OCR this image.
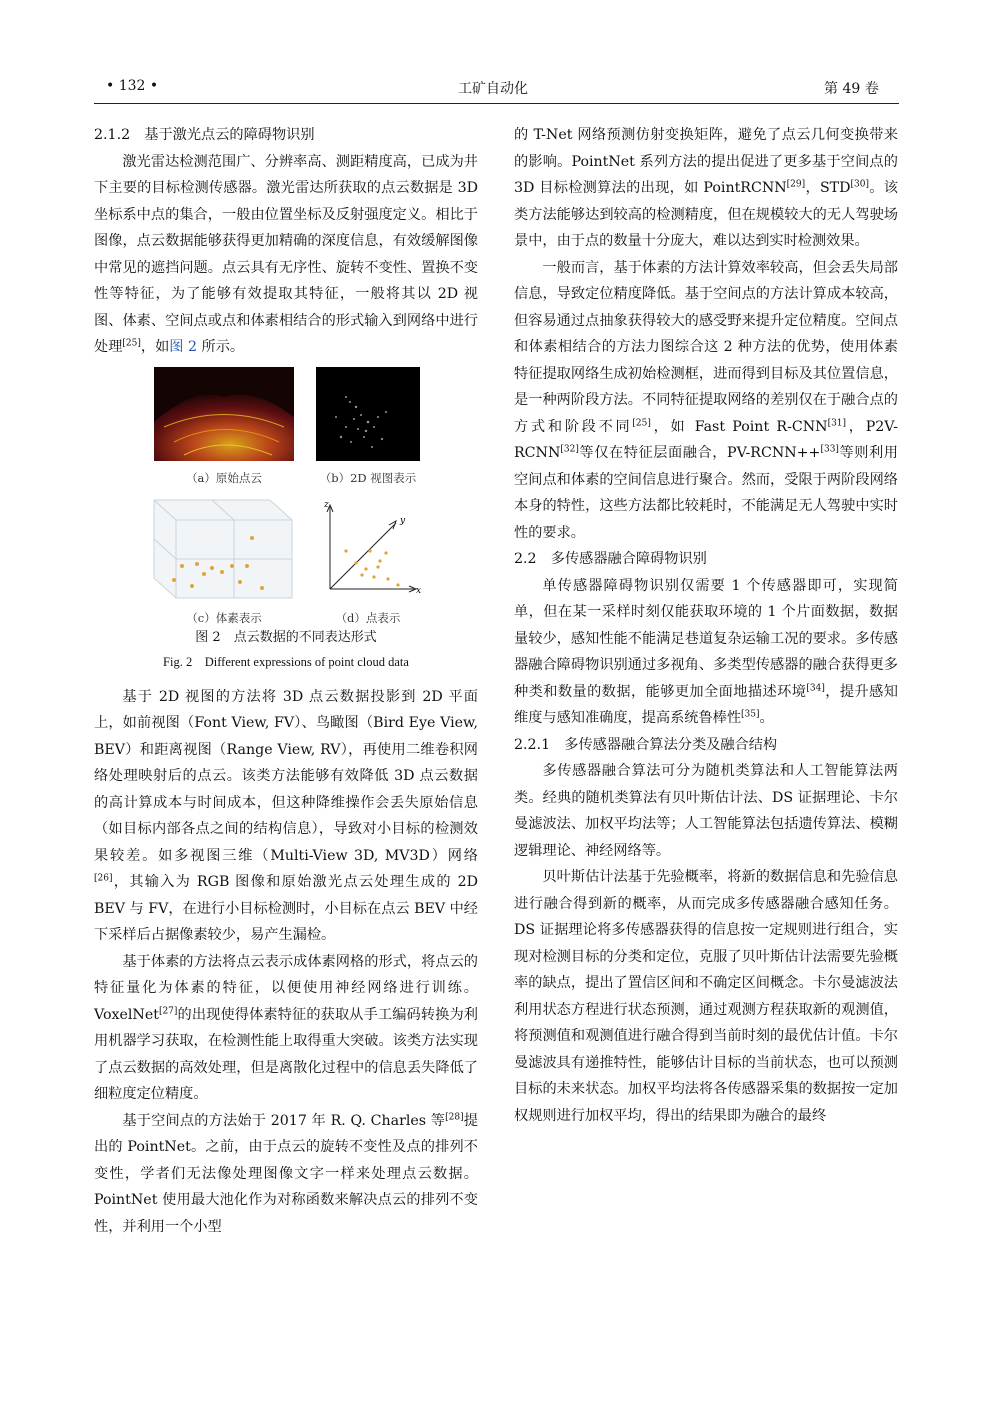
• 132 •	工矿自动化	第 49 卷

2.1.2　基于激光点云的障碍物识别

激光雷达检测范围广、分辨率高、测距精度高，已成为井下主要的目标检测传感器。激光雷达所获取的点云数据是 3D 坐标系中点的集合，一般由位置坐标及反射强度定义。相比于图像，点云数据能够获得更加精确的深度信息，有效缓解图像中常见的遮挡问题。点云具有无序性、旋转不变性、置换不变性等特征，为了能够有效提取其特征，一般将其以 2D 视图、体素、空间点或点和体素相结合的形式输入到网络中进行处理[25]，如图 2 所示。

（a）原始点云	（b）2D 视图表示
z
y
x
（c）体素表示	（d）点表示
图 2　点云数据的不同表达形式
Fig. 2　Different expressions of point cloud data

基于 2D 视图的方法将 3D 点云数据投影到 2D 平面上，如前视图（Font View, FV）、鸟瞰图（Bird Eye View, BEV）和距离视图（Range View, RV），再使用二维卷积网络处理映射后的点云。该类方法能够有效降低 3D 点云数据的高计算成本与时间成本，但这种降维操作会丢失原始信息（如目标内部各点之间的结构信息），导致对小目标的检测效果较差。如多视图三维（Multi-View 3D, MV3D）网络[26]，其输入为 RGB 图像和原始激光点云处理生成的 2D BEV 与 FV，在进行小目标检测时，小目标在点云 BEV 中经下采样后占据像素较少，易产生漏检。

基于体素的方法将点云表示成体素网格的形式，将点云的特征量化为体素的特征，以便使用神经网络进行训练。VoxelNet[27]的出现使得体素特征的获取从手工编码转换为利用机器学习获取，在检测性能上取得重大突破。该类方法实现了点云数据的高效处理，但是离散化过程中的信息丢失降低了细粒度定位精度。

基于空间点的方法始于 2017 年 R. Q. Charles 等[28]提出的 PointNet。之前，由于点云的旋转不变性及点的排列不变性，学者们无法像处理图像文字一样来处理点云数据。PointNet 使用最大池化作为对称函数来解决点云的排列不变性，并利用一个小型

的 T-Net 网络预测仿射变换矩阵，避免了点云几何变换带来的影响。PointNet 系列方法的提出促进了更多基于空间点的 3D 目标检测算法的出现，如 PointRCNN[29]，STD[30]。该类方法能够达到较高的检测精度，但在规模较大的无人驾驶场景中，由于点的数量十分庞大，难以达到实时检测效果。

一般而言，基于体素的方法计算效率较高，但会丢失局部信息，导致定位精度降低。基于空间点的方法计算成本较高，但容易通过点抽象获得较大的感受野来提升定位精度。空间点和体素相结合的方法力图综合这 2 种方法的优势，使用体素特征提取网络生成初始检测框，进而得到目标及其位置信息，是一种两阶段方法。不同特征提取网络的差别仅在于融合点的方式和阶段不同[25]，如 Fast Point R-CNN[31]，P2V-RCNN[32]等仅在特征层面融合，PV-RCNN++[33]等则利用空间点和体素的空间信息进行聚合。然而，受限于两阶段网络本身的特性，这些方法都比较耗时，不能满足无人驾驶中实时性的要求。

2.2　多传感器融合障碍物识别

单传感器障碍物识别仅需要 1 个传感器即可，实现简单，但在某一采样时刻仅能获取环境的 1 个片面数据，数据量较少，感知性能不能满足巷道复杂运输工况的要求。多传感器融合障碍物识别通过多视角、多类型传感器的融合获得更多种类和数量的数据，能够更加全面地描述环境[34]，提升感知维度与感知准确度，提高系统鲁棒性[35]。

2.2.1　多传感器融合算法分类及融合结构

多传感器融合算法可分为随机类算法和人工智能算法两类。经典的随机类算法有贝叶斯估计法、DS 证据理论、卡尔曼滤波法、加权平均法等；人工智能算法包括遗传算法、模糊逻辑理论、神经网络等。

贝叶斯估计法基于先验概率，将新的数据信息和先验信息进行融合得到新的概率，从而完成多传感器融合感知任务。DS 证据理论将多传感器获得的信息按一定规则进行组合，实现对检测目标的分类和定位，克服了贝叶斯估计法需要先验概率的缺点，提出了置信区间和不确定区间概念。卡尔曼滤波法利用状态方程进行状态预测，通过观测方程获取新的观测值，将预测值和观测值进行融合得到当前时刻的最优估计值。卡尔曼滤波具有递推特性，能够估计目标的当前状态，也可以预测目标的未来状态。加权平均法将各传感器采集的数据按一定加权规则进行加权平均，得出的结果即为融合的最终
